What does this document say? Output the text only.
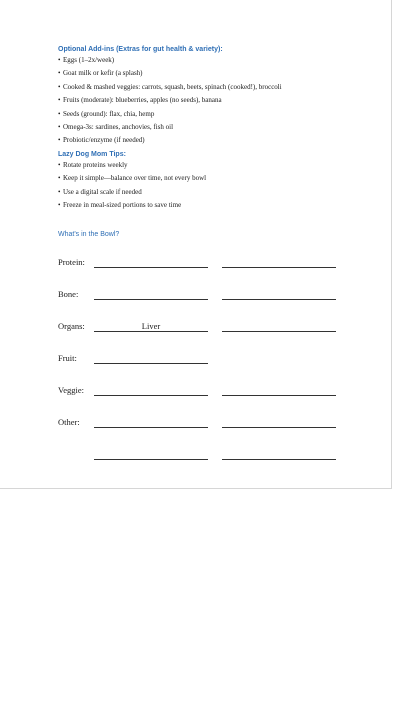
Optional Add-ins (Extras for gut health & variety):
• Eggs (1–2x/week)
• Goat milk or kefir (a splash)
• Cooked & mashed veggies: carrots, squash, beets, spinach (cooked!), broccoli
• Fruits (moderate): blueberries, apples (no seeds), banana
• Seeds (ground): flax, chia, hemp
• Omega-3s: sardines, anchovies, fish oil
• Probiotic/enzyme (if needed)
Lazy Dog Mom Tips:
• Rotate proteins weekly
• Keep it simple—balance over time, not every bowl
• Use a digital scale if needed
• Freeze in meal-sized portions to save time
What's in the Bowl?
Protein:
Bone:
Organs:	Liver
Fruit:
Veggie:
Other:
